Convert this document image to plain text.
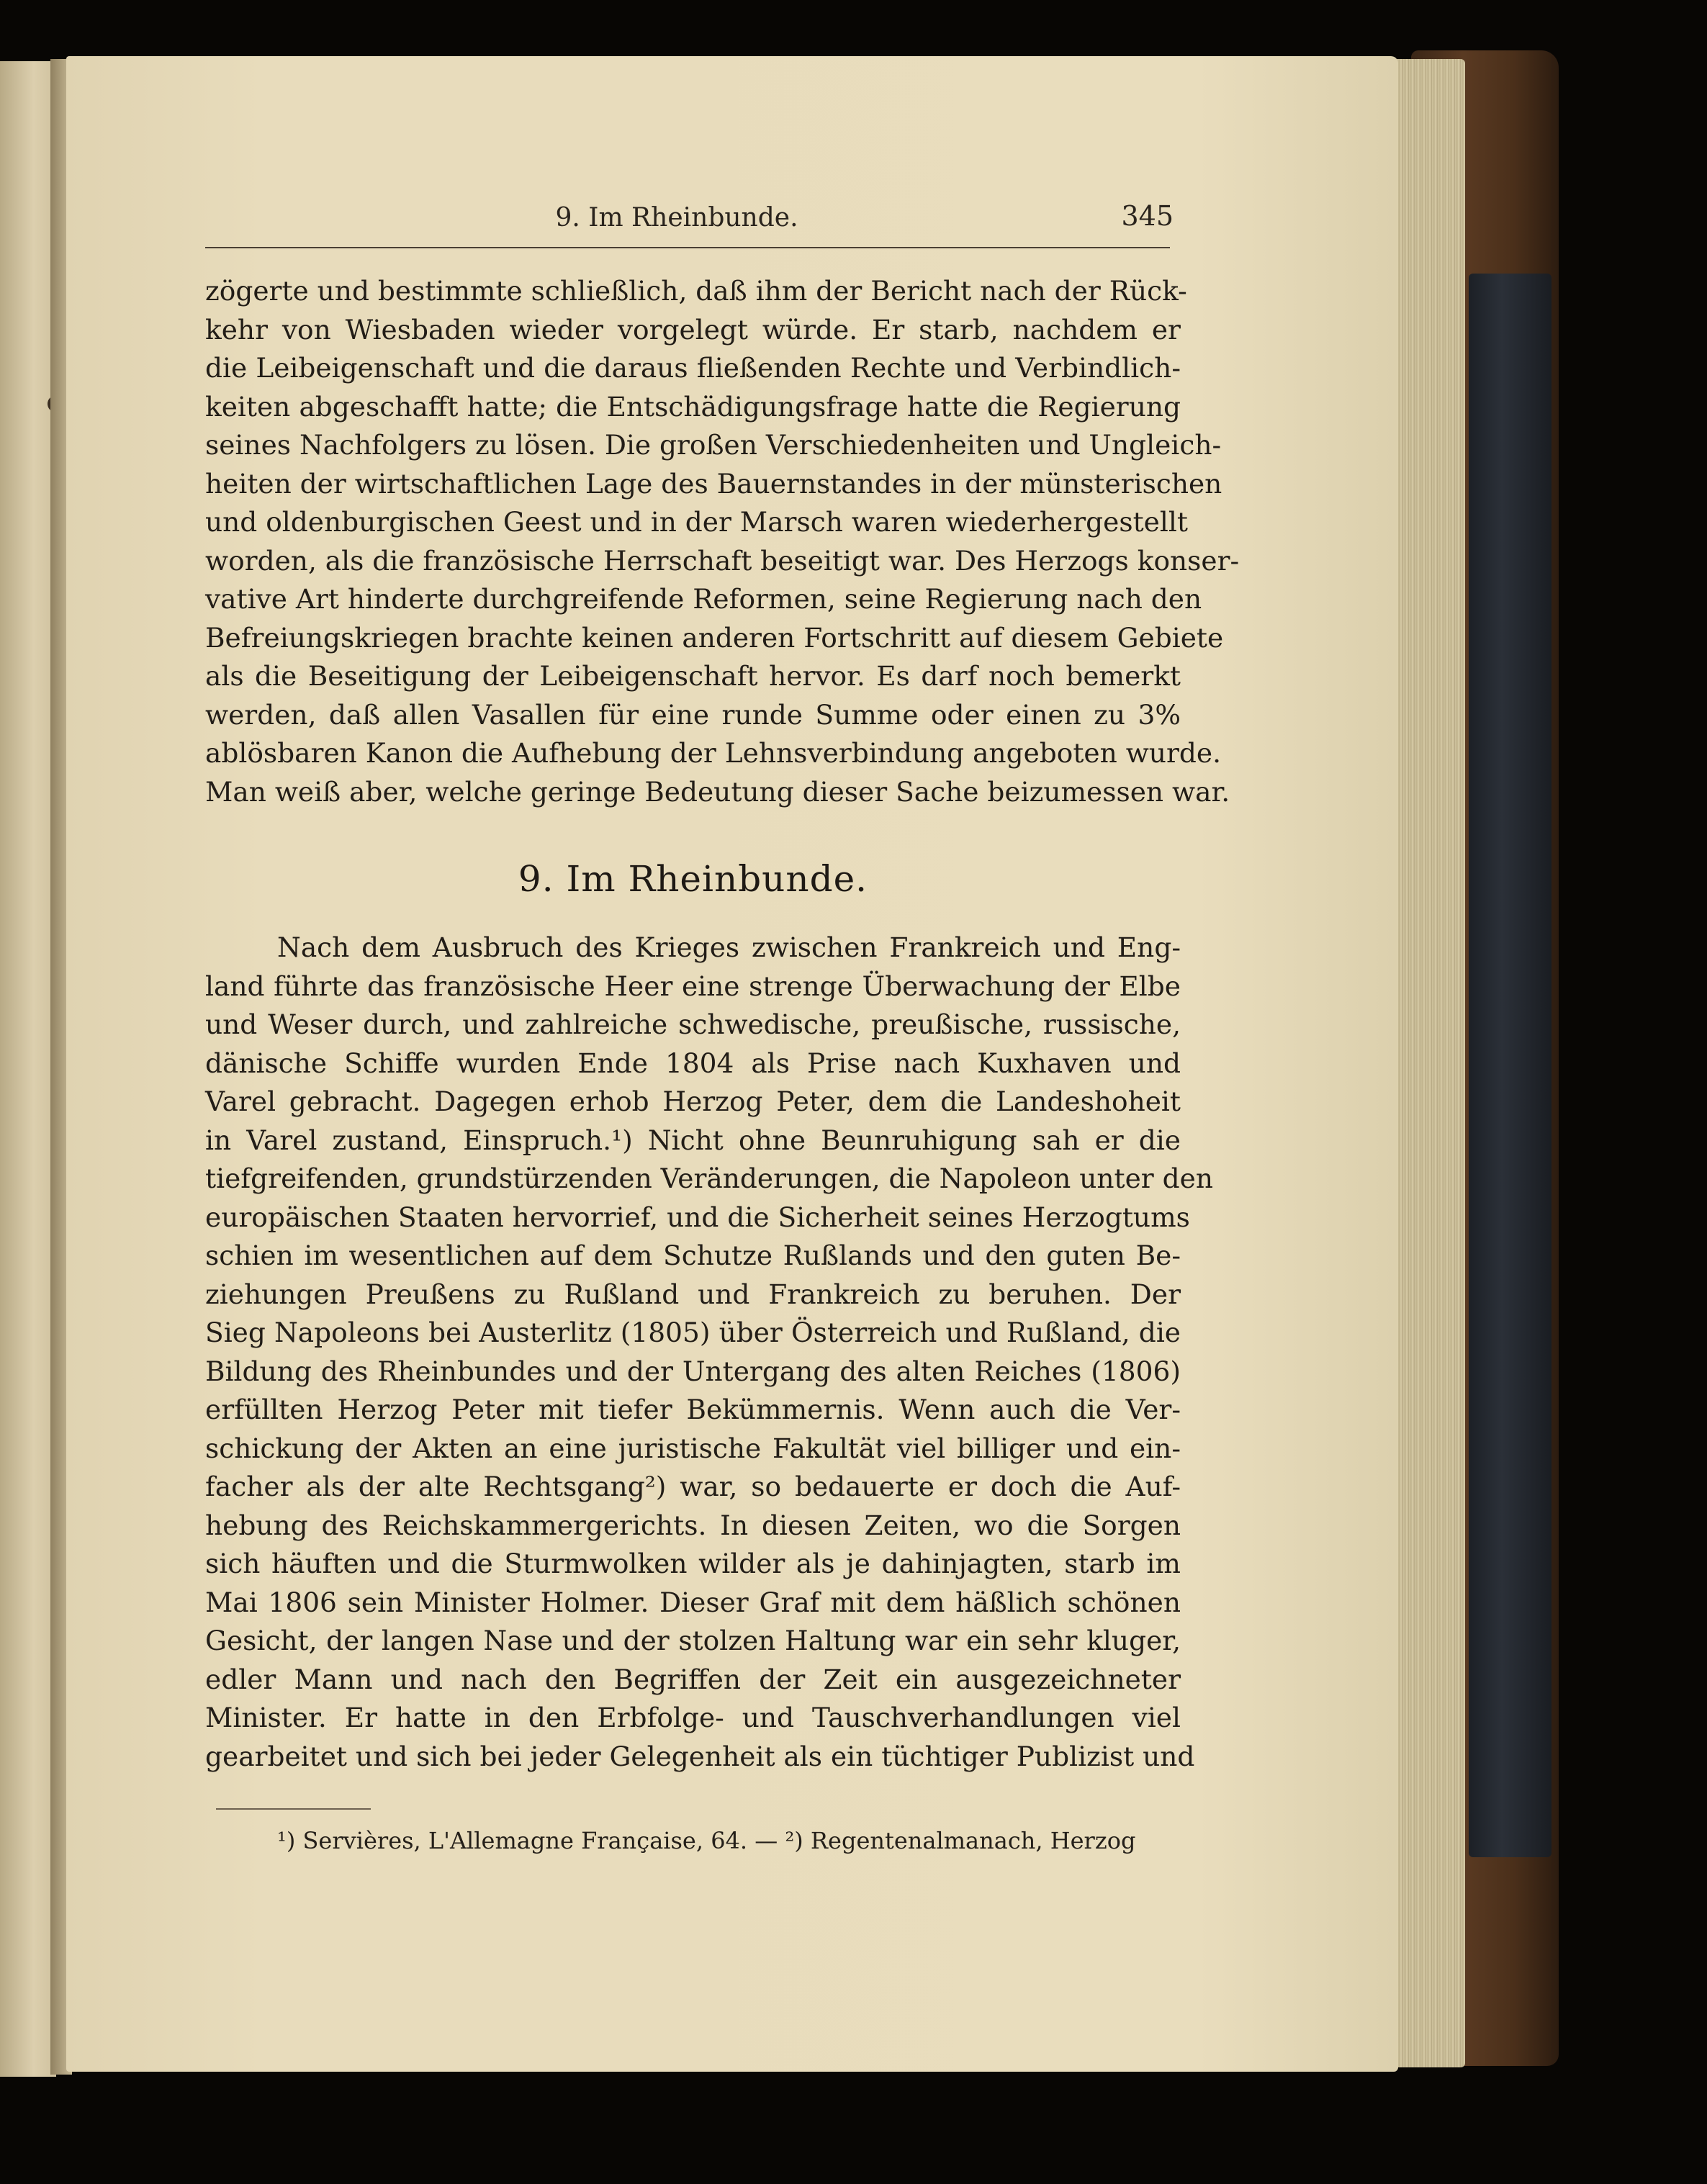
9. Im Rheinbunde.	345
zögerte und bestimmte schließlich, daß ihm der Bericht nach der Rück-
kehr von Wiesbaden wieder vorgelegt würde. Er starb, nachdem er
die Leibeigenschaft und die daraus fließenden Rechte und Verbindlich-
keiten abgeschafft hatte; die Entschädigungsfrage hatte die Regierung
seines Nachfolgers zu lösen. Die großen Verschiedenheiten und Ungleich-
heiten der wirtschaftlichen Lage des Bauernstandes in der münsterischen
und oldenburgischen Geest und in der Marsch waren wiederhergestellt
worden, als die französische Herrschaft beseitigt war. Des Herzogs konser-
vative Art hinderte durchgreifende Reformen, seine Regierung nach den
Befreiungskriegen brachte keinen anderen Fortschritt auf diesem Gebiete
als die Beseitigung der Leibeigenschaft hervor. Es darf noch bemerkt
werden, daß allen Vasallen für eine runde Summe oder einen zu 3%
ablösbaren Kanon die Aufhebung der Lehnsverbindung angeboten wurde.
Man weiß aber, welche geringe Bedeutung dieser Sache beizumessen war.
9. Im Rheinbunde.
Nach dem Ausbruch des Krieges zwischen Frankreich und Eng-
land führte das französische Heer eine strenge Überwachung der Elbe
und Weser durch, und zahlreiche schwedische, preußische, russische,
dänische Schiffe wurden Ende 1804 als Prise nach Kuxhaven und
Varel gebracht. Dagegen erhob Herzog Peter, dem die Landeshoheit
in Varel zustand, Einspruch.¹) Nicht ohne Beunruhigung sah er die
tiefgreifenden, grundstürzenden Veränderungen, die Napoleon unter den
europäischen Staaten hervorrief, und die Sicherheit seines Herzogtums
schien im wesentlichen auf dem Schutze Rußlands und den guten Be-
ziehungen Preußens zu Rußland und Frankreich zu beruhen. Der
Sieg Napoleons bei Austerlitz (1805) über Österreich und Rußland, die
Bildung des Rheinbundes und der Untergang des alten Reiches (1806)
erfüllten Herzog Peter mit tiefer Bekümmernis. Wenn auch die Ver-
schickung der Akten an eine juristische Fakultät viel billiger und ein-
facher als der alte Rechtsgang²) war, so bedauerte er doch die Auf-
hebung des Reichskammergerichts. In diesen Zeiten, wo die Sorgen
sich häuften und die Sturmwolken wilder als je dahinjagten, starb im
Mai 1806 sein Minister Holmer. Dieser Graf mit dem häßlich schönen
Gesicht, der langen Nase und der stolzen Haltung war ein sehr kluger,
edler Mann und nach den Begriffen der Zeit ein ausgezeichneter
Minister. Er hatte in den Erbfolge- und Tauschverhandlungen viel
gearbeitet und sich bei jeder Gelegenheit als ein tüchtiger Publizist und
¹) Servières, L'Allemagne Française, 64. — ²) Regentenalmanach, Herzog
